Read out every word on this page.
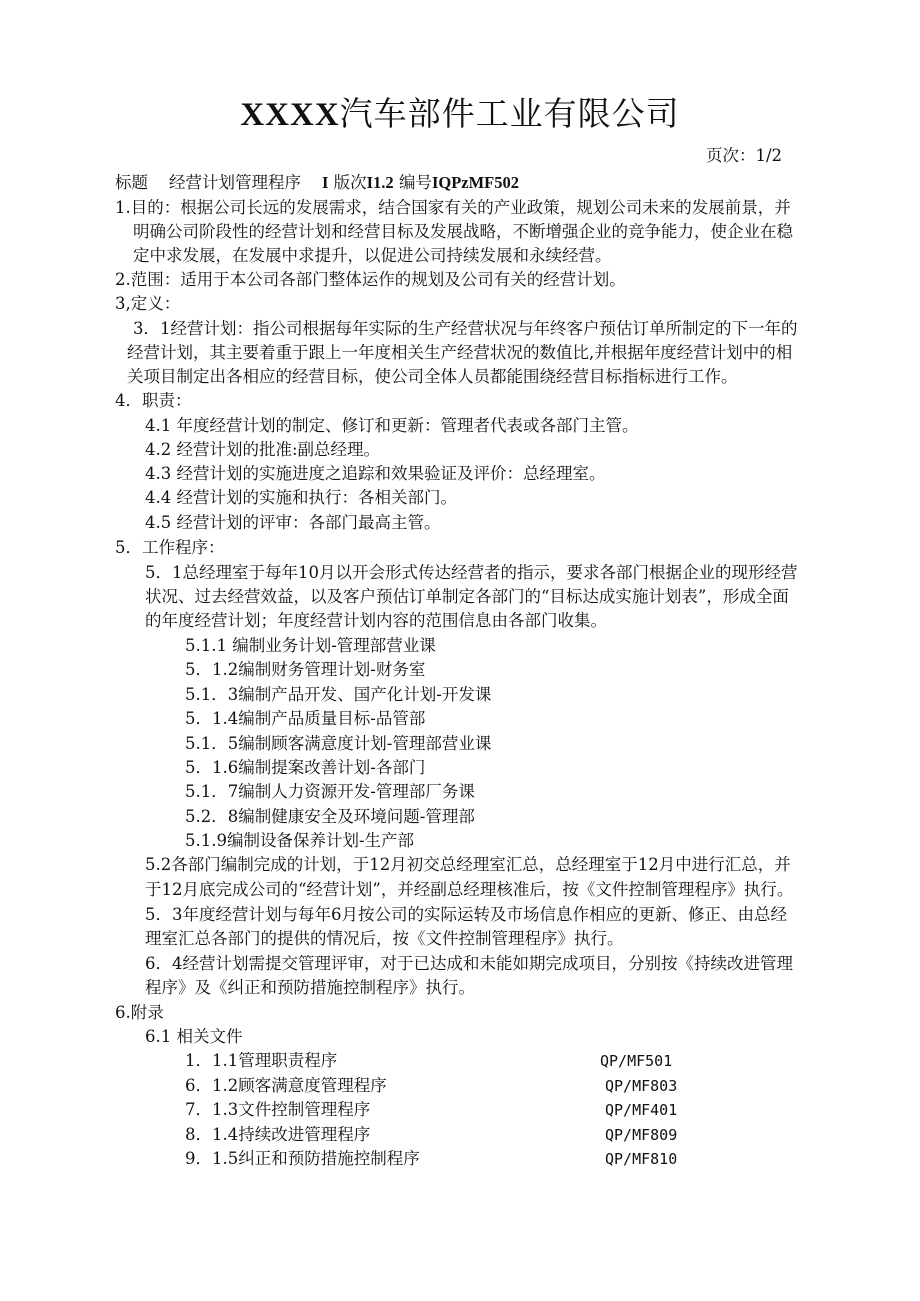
XXXX汽车部件工业有限公司
页次：1/2
标题 经营计划管理程序 I 版次I1.2 编号IQPzMF502
1.目的：根据公司长远的发展需求，结合国家有关的产业政策，规划公司未来的发展前景，并
明确公司阶段性的经营计划和经营目标及发展战略，不断增强企业的竞争能力，使企业在稳
定中求发展，在发展中求提升，以促进公司持续发展和永续经营。
2.范围：适用于本公司各部门整体运作的规划及公司有关的经营计划。
3,定义：
3．1经营计划：指公司根据每年实际的生产经营状况与年终客户预估订单所制定的下一年的
经营计划，其主要着重于跟上一年度相关生产经营状况的数值比,并根据年度经营计划中的相
关项目制定出各相应的经营目标，使公司全体人员都能围绕经营目标指标进行工作。
4．职责：
4.1 年度经营计划的制定、修订和更新：管理者代表或各部门主管。
4.2 经营计划的批准:副总经理。
4.3 经营计划的实施进度之追踪和效果验证及评价：总经理室。
4.4 经营计划的实施和执行：各相关部门。
4.5 经营计划的评审：各部门最高主管。
5．工作程序：
5．1总经理室于每年10月以开会形式传达经营者的指示，要求各部门根据企业的现形经营
状况、过去经营效益，以及客户预估订单制定各部门的“目标达成实施计划表”，形成全面
的年度经营计划；年度经营计划内容的范围信息由各部门收集。
5.1.1 编制业务计划-管理部营业课
5．1.2编制财务管理计划-财务室
5.1．3编制产品开发、国产化计划-开发课
5．1.4编制产品质量目标-品管部
5.1．5编制顾客满意度计划-管理部营业课
5．1.6编制提案改善计划-各部门
5.1．7编制人力资源开发-管理部厂务课
5.2．8编制健康安全及环境问题-管理部
5.1.9编制设备保养计划-生产部
5.2各部门编制完成的计划，于12月初交总经理室汇总，总经理室于12月中进行汇总，并
于12月底完成公司的“经营计划”，并经副总经理核准后，按《文件控制管理程序》执行。
5．3年度经营计划与每年6月按公司的实际运转及市场信息作相应的更新、修正、由总经
理室汇总各部门的提供的情况后，按《文件控制管理程序》执行。
6．4经营计划需提交管理评审，对于已达成和未能如期完成项目，分别按《持续改进管理
程序》及《纠正和预防措施控制程序》执行。
6.附录
6.1 相关文件
1．1.1管理职责程序	QP/MF501
6．1.2顾客满意度管理程序	QP/MF803
7．1.3文件控制管理程序	QP/MF401
8．1.4持续改进管理程序	QP/MF809
9．1.5纠正和预防措施控制程序	QP/MF810
